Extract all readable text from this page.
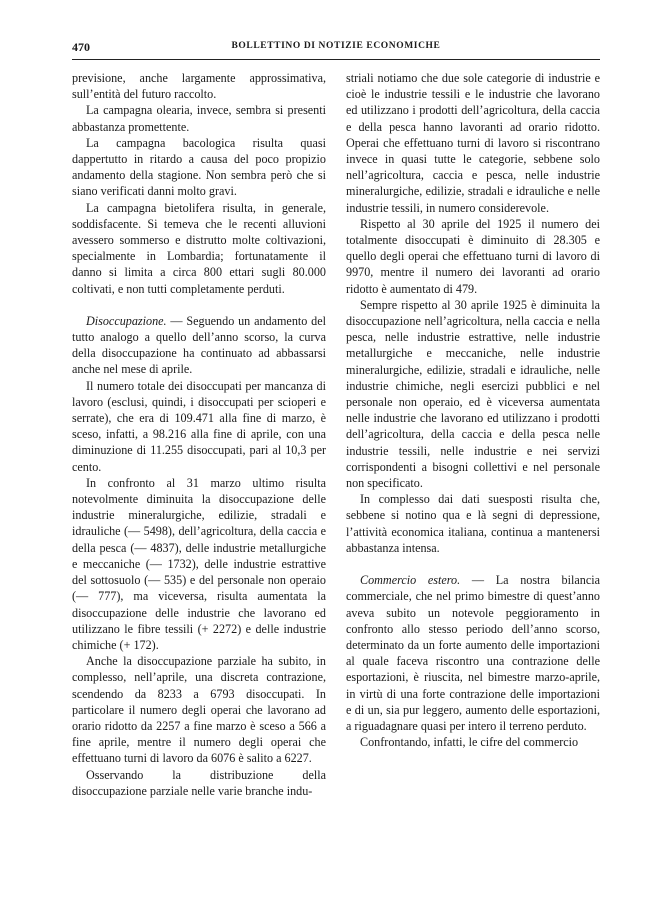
470	BOLLETTINO DI NOTIZIE ECONOMICHE

previsione, anche largamente approssimativa, sull’entità del futuro raccolto.

La campagna olearia, invece, sembra si presenti abbastanza promettente.

La campagna bacologica risulta quasi dappertutto in ritardo a causa del poco propizio andamento della stagione. Non sembra però che si siano verificati danni molto gravi.

La campagna bietolifera risulta, in generale, soddisfacente. Si temeva che le recenti alluvioni avessero sommerso e distrutto molte coltivazioni, specialmente in Lombardia; fortunatamente il danno si limita a circa 800 ettari sugli 80.000 coltivati, e non tutti completamente perduti.

Disoccupazione. — Seguendo un andamento del tutto analogo a quello dell’anno scorso, la curva della disoccupazione ha continuato ad abbassarsi anche nel mese di aprile.

Il numero totale dei disoccupati per mancanza di lavoro (esclusi, quindi, i disoccupati per scioperi e serrate), che era di 109.471 alla fine di marzo, è sceso, infatti, a 98.216 alla fine di aprile, con una diminuzione di 11.255 disoccupati, pari al 10,3 per cento.

In confronto al 31 marzo ultimo risulta notevolmente diminuita la disoccupazione delle industrie mineralurgiche, edilizie, stradali e idrauliche (— 5498), dell’agricoltura, della caccia e della pesca (— 4837), delle industrie metallurgiche e meccaniche (— 1732), delle industrie estrattive del sottosuolo (— 535) e del personale non operaio (— 777), ma viceversa, risulta aumentata la disoccupazione delle industrie che lavorano ed utilizzano le fibre tessili (+ 2272) e delle industrie chimiche (+ 172).

Anche la disoccupazione parziale ha subito, in complesso, nell’aprile, una discreta contrazione, scendendo da 8233 a 6793 disoccupati. In particolare il numero degli operai che lavorano ad orario ridotto da 2257 a fine marzo è sceso a 566 a fine aprile, mentre il numero degli operai che effettuano turni di lavoro da 6076 è salito a 6227.

Osservando la distribuzione della disoccupazione parziale nelle varie branche indu-

striali notiamo che due sole categorie di industrie e cioè le industrie tessili e le industrie che lavorano ed utilizzano i prodotti dell’agricoltura, della caccia e della pesca hanno lavoranti ad orario ridotto. Operai che effettuano turni di lavoro si riscontrano invece in quasi tutte le categorie, sebbene solo nell’agricoltura, caccia e pesca, nelle industrie mineralurgiche, edilizie, stradali e idrauliche e nelle industrie tessili, in numero considerevole.

Rispetto al 30 aprile del 1925 il numero dei totalmente disoccupati è diminuito di 28.305 e quello degli operai che effettuano turni di lavoro di 9970, mentre il numero dei lavoranti ad orario ridotto è aumentato di 479.

Sempre rispetto al 30 aprile 1925 è diminuita la disoccupazione nell’agricoltura, nella caccia e nella pesca, nelle industrie estrattive, nelle industrie metallurgiche e meccaniche, nelle industrie mineralurgiche, edilizie, stradali e idrauliche, nelle industrie chimiche, negli esercizi pubblici e nel personale non operaio, ed è viceversa aumentata nelle industrie che lavorano ed utilizzano i prodotti dell’agricoltura, della caccia e della pesca nelle industrie tessili, nelle industrie e nei servizi corrispondenti a bisogni collettivi e nel personale non specificato.

In complesso dai dati suesposti risulta che, sebbene si notino qua e là segni di depressione, l’attività economica italiana, continua a mantenersi abbastanza intensa.

Commercio estero. — La nostra bilancia commerciale, che nel primo bimestre di quest’anno aveva subito un notevole peggioramento in confronto allo stesso periodo dell’anno scorso, determinato da un forte aumento delle importazioni al quale faceva riscontro una contrazione delle esportazioni, è riuscita, nel bimestre marzo-aprile, in virtù di una forte contrazione delle importazioni e di un, sia pur leggero, aumento delle esportazioni, a riguadagnare quasi per intero il terreno perduto.

Confrontando, infatti, le cifre del commercio
